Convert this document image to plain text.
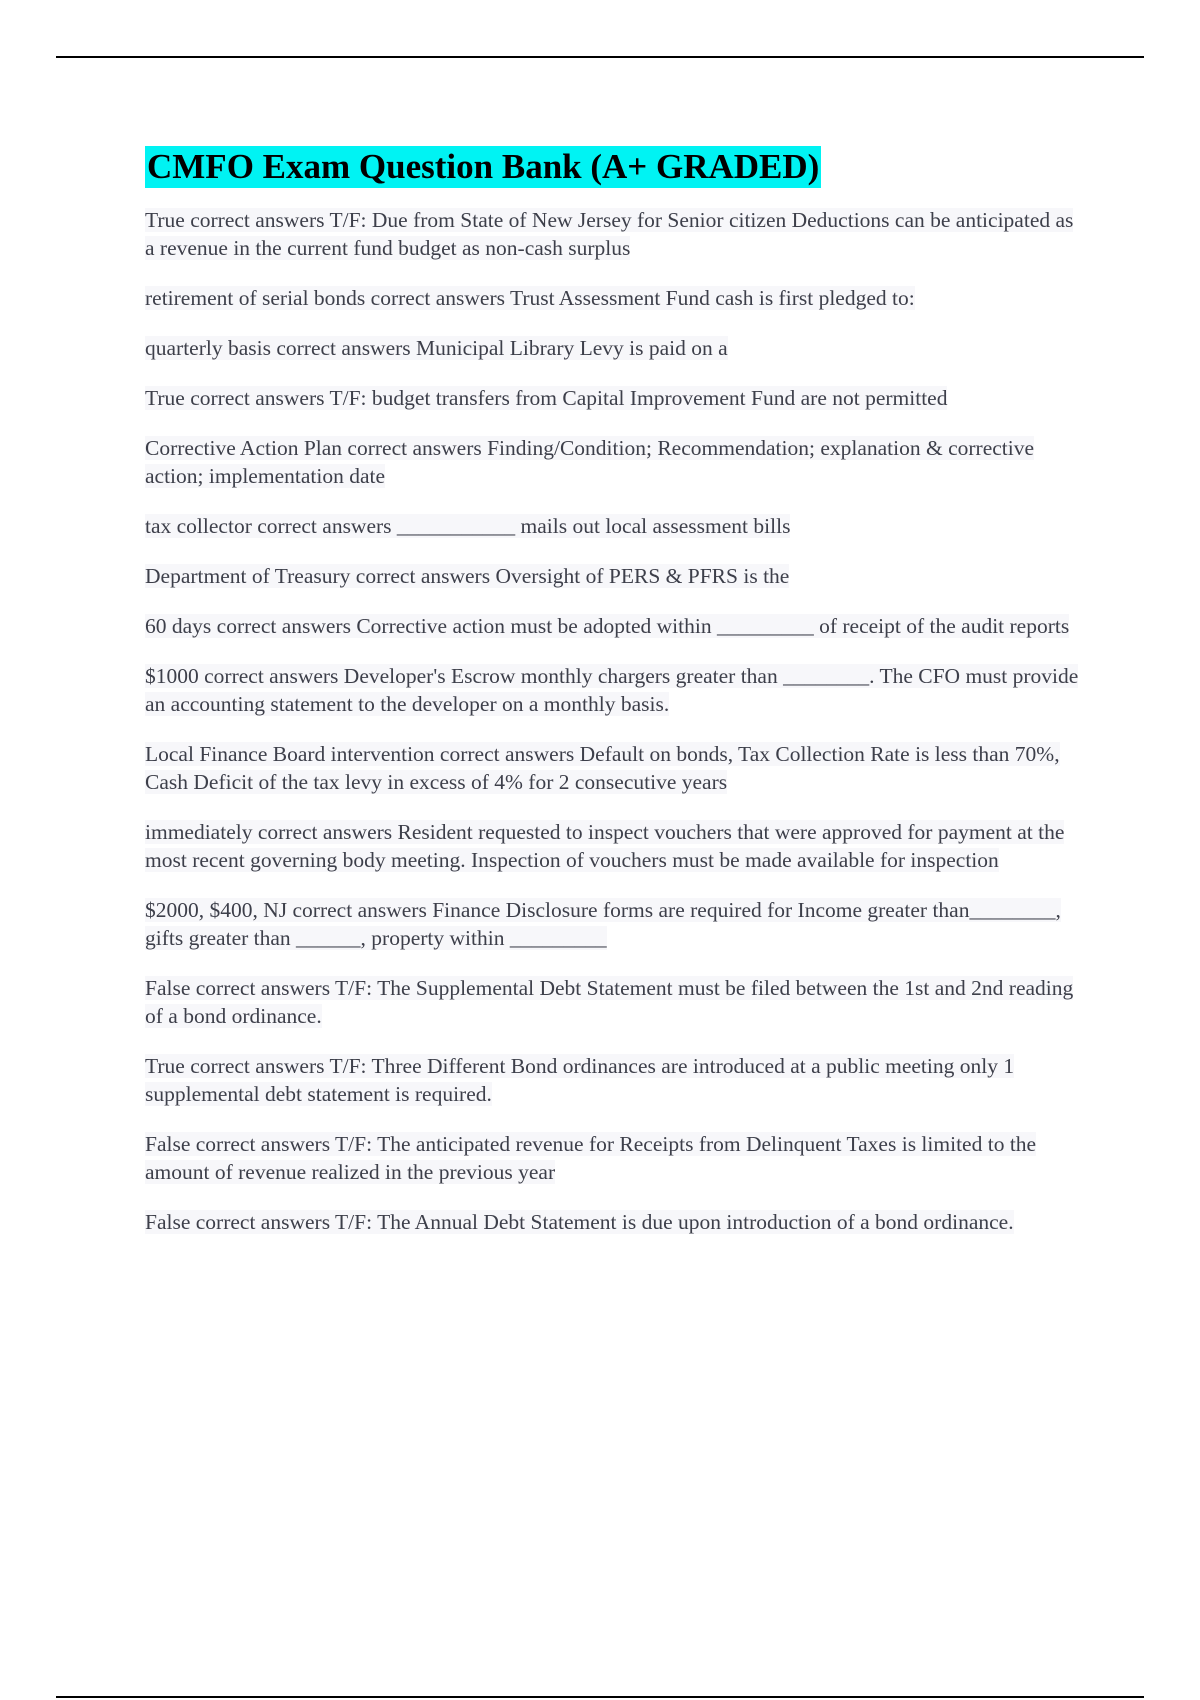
CMFO Exam Question Bank (A+ GRADED)
True correct answers T/F: Due from State of New Jersey for Senior citizen Deductions can be anticipated as a revenue in the current fund budget as non-cash surplus
retirement of serial bonds correct answers Trust Assessment Fund cash is first pledged to:
quarterly basis correct answers Municipal Library Levy is paid on a
True correct answers T/F: budget transfers from Capital Improvement Fund are not permitted
Corrective Action Plan correct answers Finding/Condition; Recommendation; explanation & corrective action; implementation date
tax collector correct answers ___________ mails out local assessment bills
Department of Treasury correct answers Oversight of PERS & PFRS is the
60 days correct answers Corrective action must be adopted within _________ of receipt of the audit reports
$1000 correct answers Developer's Escrow monthly chargers greater than ________. The CFO must provide an accounting statement to the developer on a monthly basis.
Local Finance Board intervention correct answers Default on bonds, Tax Collection Rate is less than 70%, Cash Deficit of the tax levy in excess of 4% for 2 consecutive years
immediately correct answers Resident requested to inspect vouchers that were approved for payment at the most recent governing body meeting. Inspection of vouchers must be made available for inspection
$2000, $400, NJ correct answers Finance Disclosure forms are required for Income greater than________, gifts greater than ______, property within _________
False correct answers T/F: The Supplemental Debt Statement must be filed between the 1st and 2nd reading of a bond ordinance.
True correct answers T/F: Three Different Bond ordinances are introduced at a public meeting only 1 supplemental debt statement is required.
False correct answers T/F: The anticipated revenue for Receipts from Delinquent Taxes is limited to the amount of revenue realized in the previous year
False correct answers T/F: The Annual Debt Statement is due upon introduction of a bond ordinance.
